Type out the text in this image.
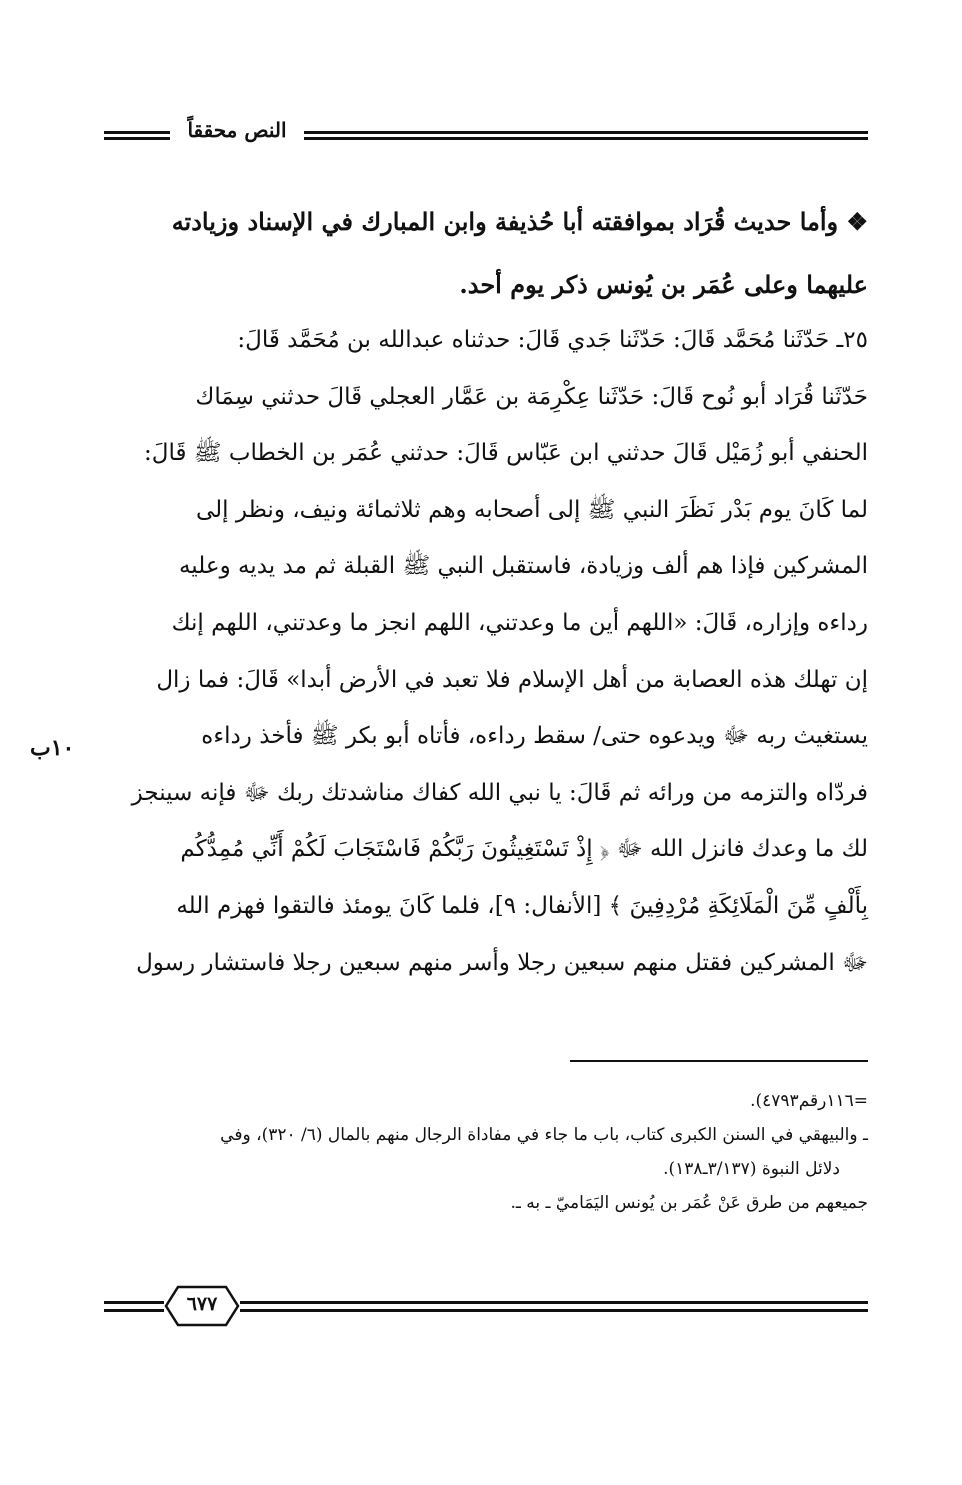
النص محققاً

❖ وأما حديث قُرَاد بموافقته أبا حُذيفة وابن المبارك في الإسناد وزيادته

عليهما وعلى عُمَر بن يُونس ذكر يوم أحد.

٢٥ـ حَدّثَنا مُحَمَّد قَالَ: حَدّثَنا جَدي قَالَ: حدثناه عبدالله بن مُحَمَّد قَالَ:

حَدّثَنا قُرَاد أبو نُوح قَالَ: حَدّثَنا عِكْرِمَة بن عَمَّار العجلي قَالَ حدثني سِمَاك

الحنفي أبو زُمَيْل قَالَ حدثني ابن عَبّاس قَالَ: حدثني عُمَر بن الخطاب ﷺ قَالَ:

لما كَانَ يوم بَدْر نَظَرَ النبي ﷺ إلى أصحابه وهم ثلاثمائة ونيف، ونظر إلى

المشركين فإذا هم ألف وزيادة، فاستقبل النبي ﷺ القبلة ثم مد يديه وعليه

رداءه وإزاره، قَالَ: «اللهم أين ما وعدتني، اللهم انجز ما وعدتني، اللهم إنك

إن تهلك هذه العصابة من أهل الإسلام فلا تعبد في الأرض أبدا» قَالَ: فما زال

يستغيث ربه ﷻ ويدعوه حتى/ سقط رداءه، فأتاه أبو بكر ﷺ فأخذ رداءه

فردّاه والتزمه من ورائه ثم قَالَ: يا نبي الله كفاك مناشدتك ربك ﷻ فإنه سينجز

لك ما وعدك فانزل الله ﷻ ﴿ إِذْ تَسْتَغِيثُونَ رَبَّكُمْ فَاسْتَجَابَ لَكُمْ أَنِّي مُمِدُّكُم

بِأَلْفٍ مِّنَ الْمَلَائِكَةِ مُرْدِفِينَ ﴾ [الأنفال: ٩]، فلما كَانَ يومئذ فالتقوا فهزم الله

ﷻ المشركين فقتل منهم سبعين رجلا وأسر منهم سبعين رجلا فاستشار رسول

١٠ب

=١١٦رقم٤٧٩٣).

ـ والبيهقي في السنن الكبرى كتاب، باب ما جاء في مفاداة الرجال منهم بالمال (٦/ ٣٢٠)، وفي

دلائل النبوة (٣/١٣٧ـ١٣٨).

جميعهم من طرق عَنْ عُمَر بن يُونس اليَمَاميّ ـ به ـ.

٦٧٧
